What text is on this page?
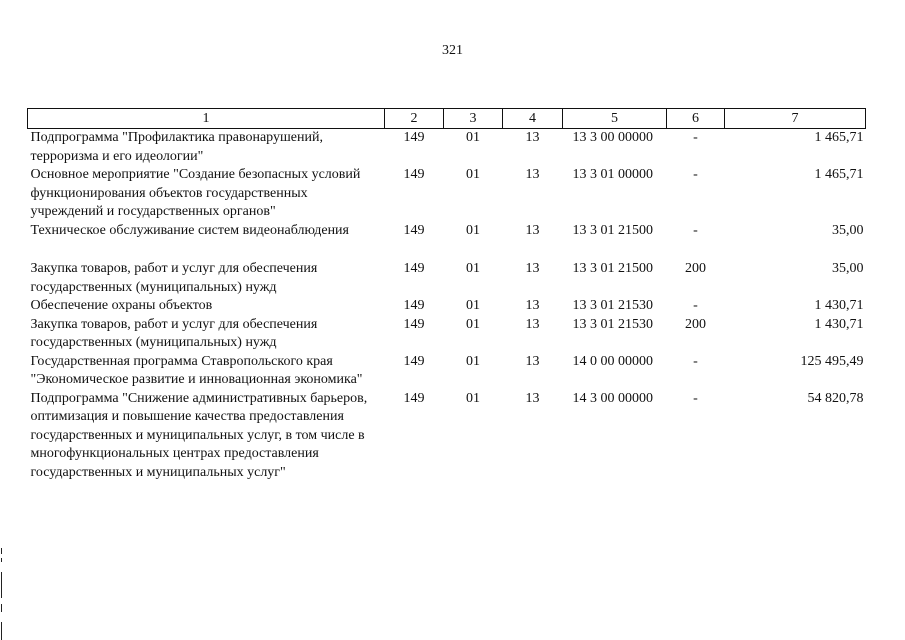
321
1	2	3	4	5	6	7
Подпрограмма "Профилактика правонарушений, терроризма и его идеологии"	149	01	13	13 3 00 00000	-	1 465,71
Основное мероприятие "Создание безопасных условий функционирования объектов государственных учреждений и государственных органов"	149	01	13	13 3 01 00000	-	1 465,71
Техническое обслуживание систем видеонаблюдения	149	01	13	13 3 01 21500	-	35,00
Закупка товаров, работ и услуг для обеспечения государственных (муниципальных) нужд	149	01	13	13 3 01 21500	200	35,00
Обеспечение охраны объектов	149	01	13	13 3 01 21530	-	1 430,71
Закупка товаров, работ и услуг для обеспечения государственных (муниципальных) нужд	149	01	13	13 3 01 21530	200	1 430,71
Государственная программа Ставропольского края "Экономическое развитие и инновационная экономика"	149	01	13	14 0 00 00000	-	125 495,49
Подпрограмма "Снижение административных барьеров, оптимизация и повышение качества предоставления государственных и муниципальных услуг, в том числе в многофункциональных центрах предоставления государственных и муниципальных услуг"	149	01	13	14 3 00 00000	-	54 820,78
